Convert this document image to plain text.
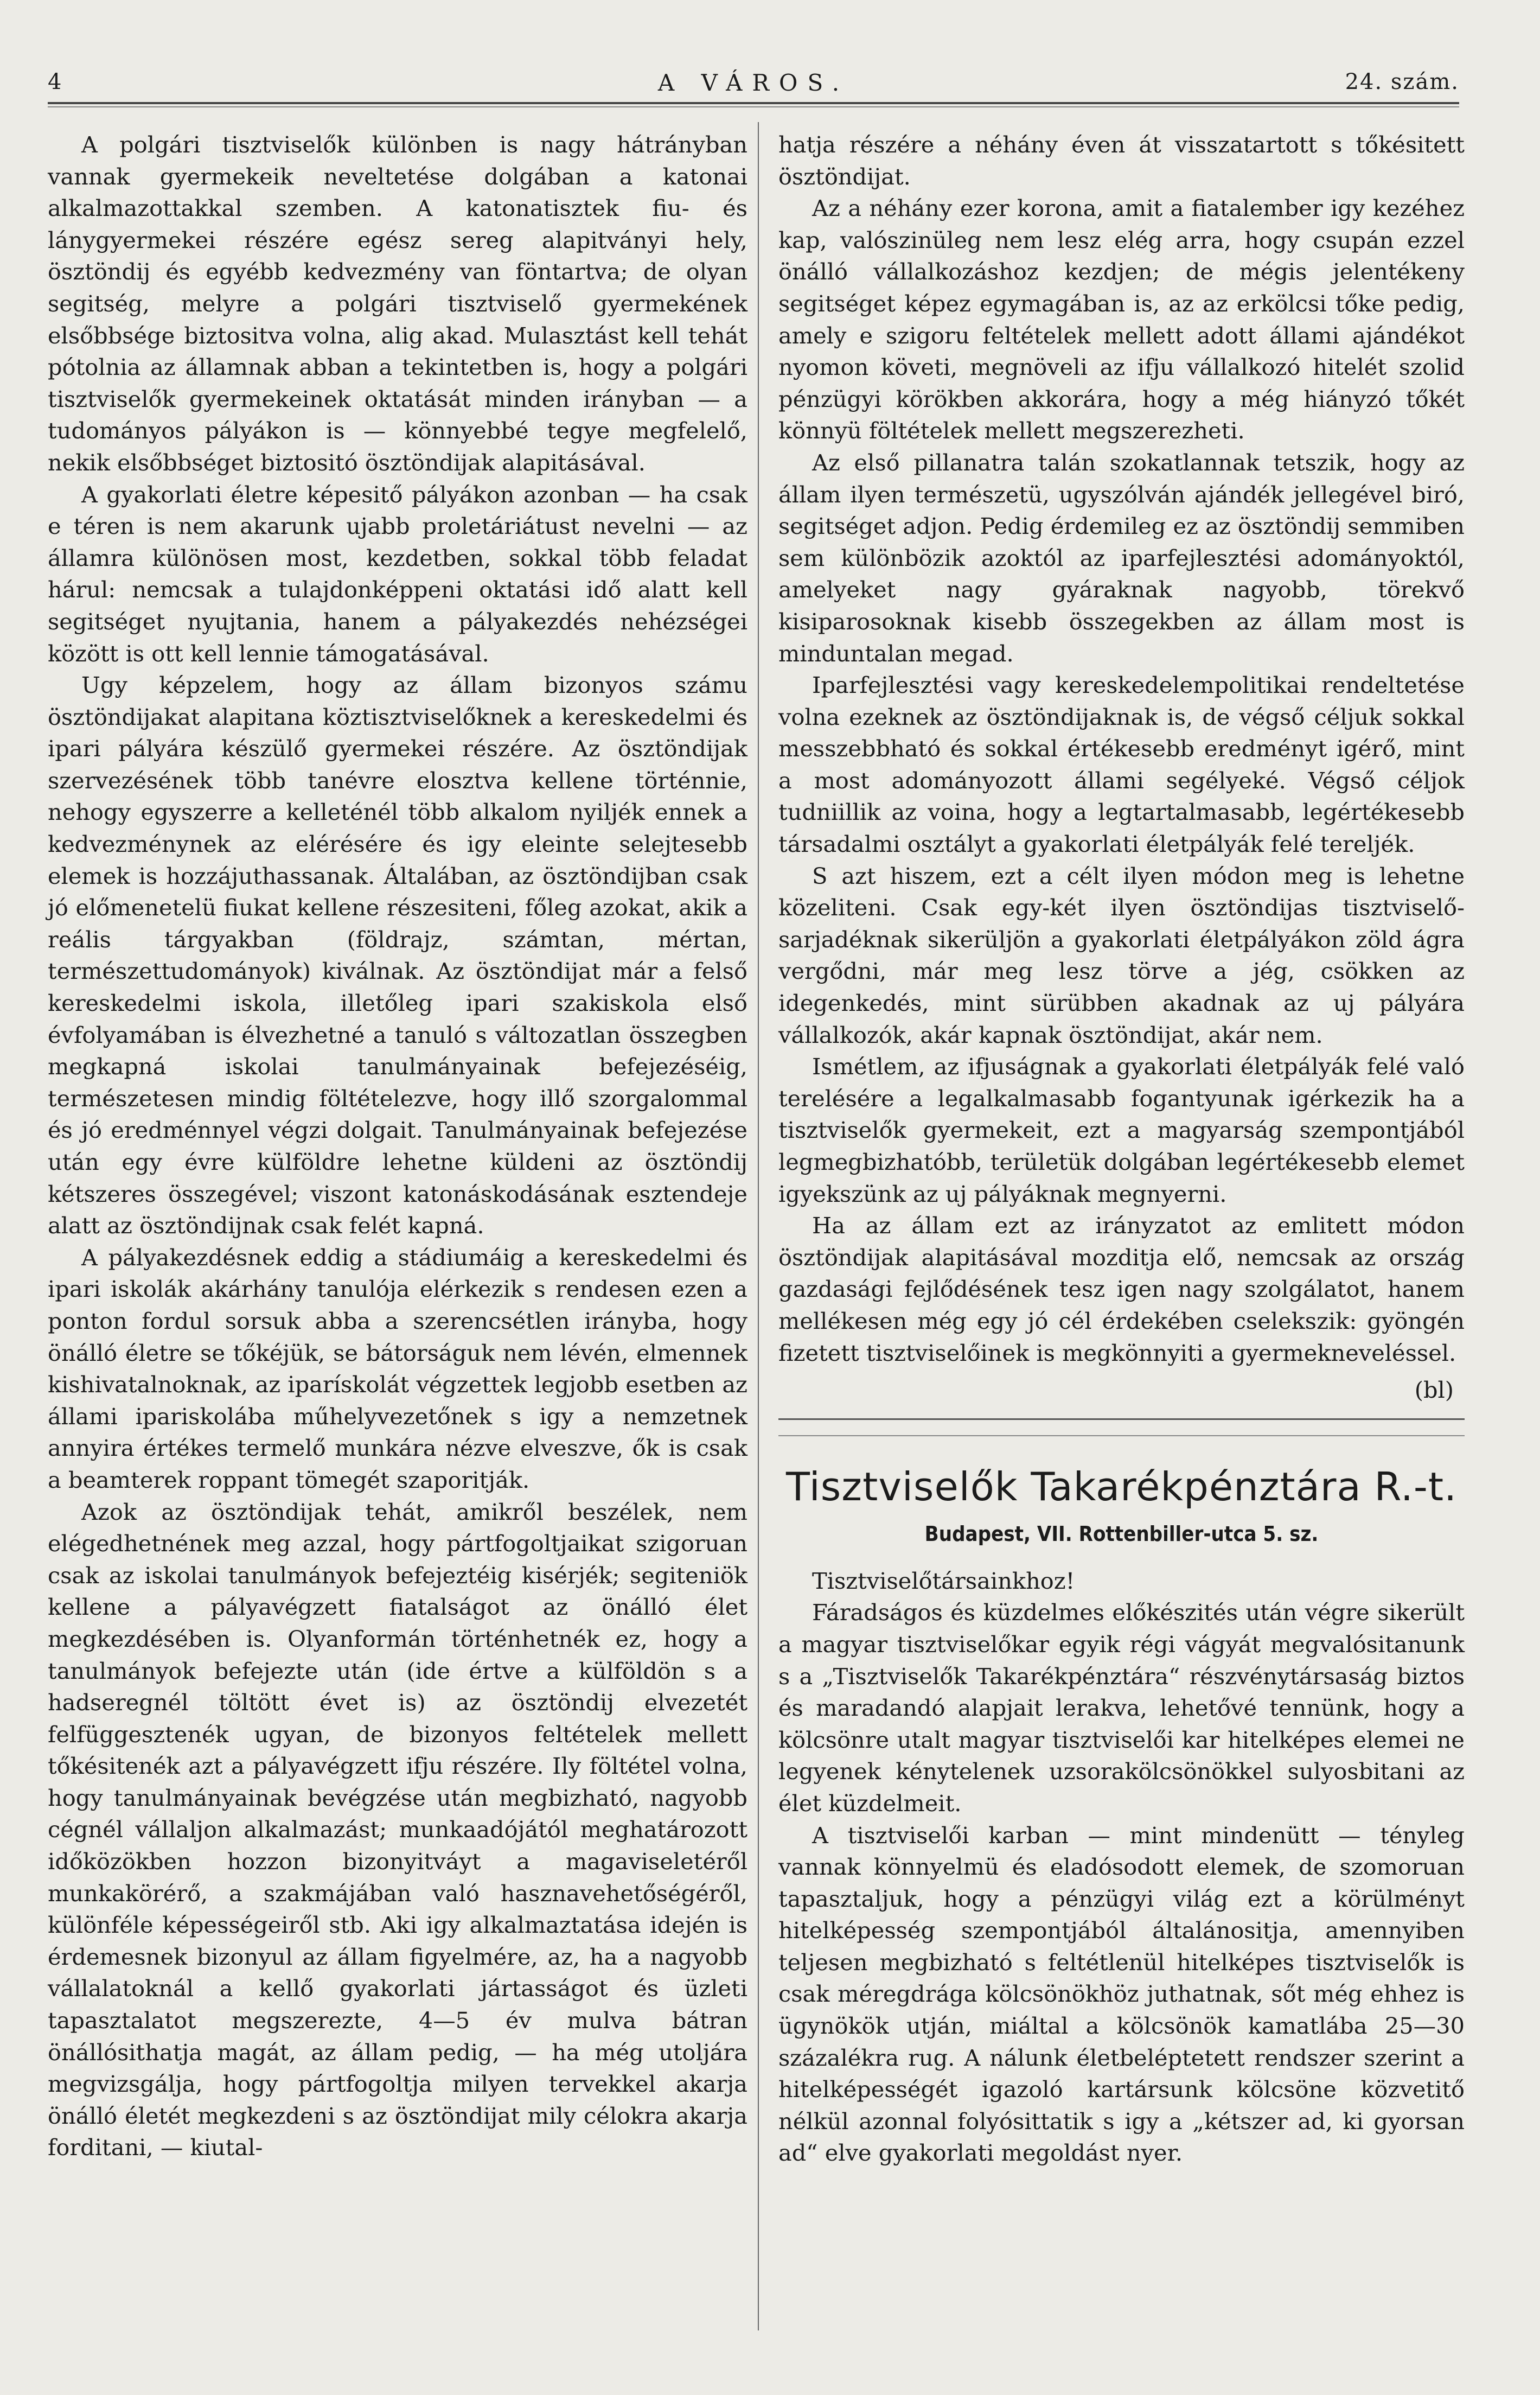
4	A VÁROS.	24. szám.

A polgári tisztviselők különben is nagy hátrányban vannak gyermekeik neveltetése dolgában a katonai alkalmazottakkal szemben. A katonatisztek fiu- és lánygyermekei részére egész sereg alapitványi hely, ösztöndij és egyébb kedvezmény van föntartva; de olyan segitség, melyre a polgári tisztviselő gyermekének elsőbbsége biztositva volna, alig akad. Mulasztást kell tehát pótolnia az államnak abban a tekintetben is, hogy a polgári tisztviselők gyermekeinek oktatását minden irányban — a tudományos pályákon is — könnyebbé tegye megfelelő, nekik elsőbbséget biztositó ösztöndijak alapitásával.

A gyakorlati életre képesitő pályákon azonban — ha csak e téren is nem akarunk ujabb proletáriátust nevelni — az államra különösen most, kezdetben, sokkal több feladat hárul: nemcsak a tulajdonképpeni oktatási idő alatt kell segitséget nyujtania, hanem a pályakezdés nehézségei között is ott kell lennie támogatásával.

Ugy képzelem, hogy az állam bizonyos számu ösztöndijakat alapitana köztisztviselőknek a kereskedelmi és ipari pályára készülő gyermekei részére. Az ösztöndijak szervezésének több tanévre elosztva kellene történnie, nehogy egyszerre a kelleténél több alkalom nyiljék ennek a kedvezménynek az elérésére és igy eleinte selejtesebb elemek is hozzájuthassanak. Általában, az ösztöndijban csak jó előmenetelü fiukat kellene részesiteni, főleg azokat, akik a reális tárgyakban (földrajz, számtan, mértan, természettudományok) kiválnak. Az ösztöndijat már a felső kereskedelmi iskola, illetőleg ipari szakiskola első évfolyamában is élvezhetné a tanuló s változatlan összegben megkapná iskolai tanulmányainak befejezéséig, természetesen mindig föltételezve, hogy illő szorgalommal és jó eredménnyel végzi dolgait. Tanulmányainak befejezése után egy évre külföldre lehetne küldeni az ösztöndij kétszeres összegével; viszont katonáskodásának esztendeje alatt az ösztöndijnak csak felét kapná.

A pályakezdésnek eddig a stádiumáig a kereskedelmi és ipari iskolák akárhány tanulója elérkezik s rendesen ezen a ponton fordul sorsuk abba a szerencsétlen irányba, hogy önálló életre se tőkéjük, se bátorságuk nem lévén, elmennek kishivatalnoknak, az iparískolát végzettek legjobb esetben az állami ipariskolába műhelyvezetőnek s igy a nemzetnek annyira értékes termelő munkára nézve elveszve, ők is csak a beamterek roppant tömegét szaporitják.

Azok az ösztöndijak tehát, amikről beszélek, nem elégedhetnének meg azzal, hogy pártfogoltjaikat szigoruan csak az iskolai tanulmányok befejeztéig kisérjék; segiteniök kellene a pályavégzett fiatalságot az önálló élet megkezdésében is. Olyanformán történhetnék ez, hogy a tanulmányok befejezte után (ide értve a külföldön s a hadseregnél töltött évet is) az ösztöndij elvezetét felfüggesztenék ugyan, de bizonyos feltételek mellett tőkésitenék azt a pályavégzett ifju részére. Ily föltétel volna, hogy tanulmányainak bevégzése után megbizható, nagyobb cégnél vállaljon alkalmazást; munkaadójától meghatározott időközökben hozzon bizonyitváyt a magaviseletéről munkakörérő, a szakmájában való hasznavehetőségéről, különféle képességeiről stb. Aki igy alkalmaztatása idején is érdemesnek bizonyul az állam figyelmére, az, ha a nagyobb vállalatoknál a kellő gyakorlati jártasságot és üzleti tapasztalatot megszerezte, 4—5 év mulva bátran önállósithatja magát, az állam pedig, — ha még utoljára megvizsgálja, hogy pártfogoltja milyen tervekkel akarja önálló életét megkezdeni s az ösztöndijat mily célokra akarja forditani, — kiutal-

hatja részére a néhány éven át visszatartott s tőkésitett ösztöndijat.

Az a néhány ezer korona, amit a fiatalember igy kezéhez kap, valószinüleg nem lesz elég arra, hogy csupán ezzel önálló vállalkozáshoz kezdjen; de mégis jelentékeny segitséget képez egymagában is, az az erkölcsi tőke pedig, amely e szigoru feltételek mellett adott állami ajándékot nyomon követi, megnöveli az ifju vállalkozó hitelét szolid pénzügyi körökben akkorára, hogy a még hiányzó tőkét könnyü föltételek mellett megszerezheti.

Az első pillanatra talán szokatlannak tetszik, hogy az állam ilyen természetü, ugyszólván ajándék jellegével biró, segitséget adjon. Pedig érdemileg ez az ösztöndij semmiben sem különbözik azoktól az iparfejlesztési adományoktól, amelyeket nagy gyáraknak nagyobb, törekvő kisiparosoknak kisebb összegekben az állam most is minduntalan megad.

Iparfejlesztési vagy kereskedelempolitikai rendeltetése volna ezeknek az ösztöndijaknak is, de végső céljuk sokkal messzebbható és sokkal értékesebb eredményt igérő, mint a most adományozott állami segélyeké. Végső céljok tudniillik az voina, hogy a legtartalmasabb, legértékesebb társadalmi osztályt a gyakorlati életpályák felé tereljék.

S azt hiszem, ezt a célt ilyen módon meg is lehetne közeliteni. Csak egy-két ilyen ösztöndijas tisztviselő-sarjadéknak sikerüljön a gyakorlati életpályákon zöld ágra vergődni, már meg lesz törve a jég, csökken az idegenkedés, mint sürübben akadnak az uj pályára vállalkozók, akár kapnak ösztöndijat, akár nem.

Ismétlem, az ifjuságnak a gyakorlati életpályák felé való terelésére a legalkalmasabb fogantyunak igérkezik ha a tisztviselők gyermekeit, ezt a magyarság szempontjából legmegbizhatóbb, területük dolgában legértékesebb elemet igyekszünk az uj pályáknak megnyerni.

Ha az állam ezt az irányzatot az emlitett módon ösztöndijak alapitásával mozditja elő, nemcsak az ország gazdasági fejlődésének tesz igen nagy szolgálatot, hanem mellékesen még egy jó cél érdekében cselekszik: gyöngén fizetett tisztviselőinek is megkönnyiti a gyermekneveléssel.

(bl)

Tisztviselők Takarékpénztára R.-t.
Budapest, VII. Rottenbiller-utca 5. sz.

Tisztviselőtársainkhoz!

Fáradságos és küzdelmes előkészités után végre sikerült a magyar tisztviselőkar egyik régi vágyát megvalósitanunk s a „Tisztviselők Takarékpénztára“ részvénytársaság biztos és maradandó alapjait lerakva, lehetővé tennünk, hogy a kölcsönre utalt magyar tisztviselői kar hitelképes elemei ne legyenek kénytelenek uzsorakölcsönökkel sulyosbitani az élet küzdelmeit.

A tisztviselői karban — mint mindenütt — tényleg vannak könnyelmü és eladósodott elemek, de szomoruan tapasztaljuk, hogy a pénzügyi világ ezt a körülményt hitelképesség szempontjából általánositja, amennyiben teljesen megbizható s feltétlenül hitelképes tisztviselők is csak méregdrága kölcsönökhöz juthatnak, sőt még ehhez is ügynökök utján, miáltal a kölcsönök kamatlába 25—30 százalékra rug. A nálunk életbeléptetett rendszer szerint a hitelképességét igazoló kartársunk kölcsöne közvetitő nélkül azonnal folyósittatik s igy a „kétszer ad, ki gyorsan ad“ elve gyakorlati megoldást nyer.
